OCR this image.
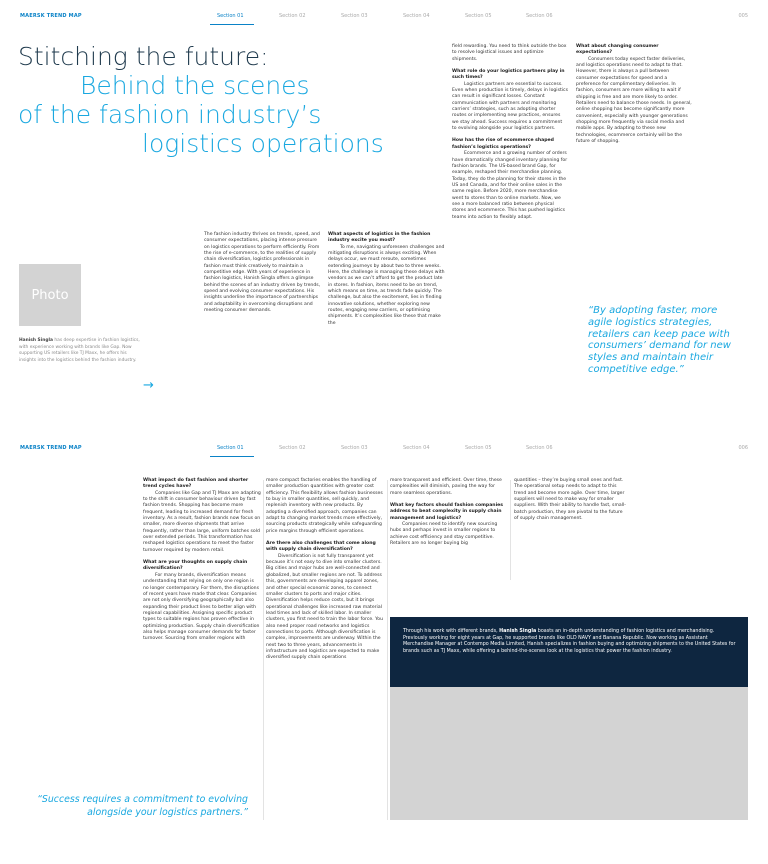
MAERSK TREND MAP	Section 01	Section 02	Section 03	Section 04	Section 05	Section 06	005
Stitching the future:
Behind the scenes
of the fashion industry’s
logistics operations
Photo
Hanish Singla has deep expertise in fashion logistics, with experience working with brands like Gap. Now supporting US retailers like TJ Maxx, he offers his insights into the logistics behind the fashion industry.
→

The fashion industry thrives on trends, speed, and consumer expectations, placing intense pressure on logistics operations to perform efficiently. From the rise of e-commerce, to the realities of supply chain diversification, logistics professionals in fashion must think creatively to maintain a competitive edge. With years of experience in fashion logistics, Hanish Singla offers a glimpse behind the scenes of an industry driven by trends, speed and evolving consumer expectations. His insights underline the importance of partnerships and adaptability in overcoming disruptions and meeting consumer demands.

What aspects of logistics in the fashion industry excite you most?

To me, navigating unforeseen challenges and mitigating disruptions is always exciting. When delays occur, we must reroute, sometimes extending journeys by about two to three weeks. Here, the challenge is managing these delays with vendors as we can’t afford to get the product late in stores. In fashion, items need to be on trend, which means on time, as trends fade quickly. The challenge, but also the excitement, lies in finding innovative solutions, whether exploring new routes, engaging new carriers, or optimising shipments. It’s complexities like these that make the

field rewarding. You need to think outside the box to resolve logistical issues and optimize shipments.

What role do your logistics partners play in such times?

Logistics partners are essential to success. Even when production is timely, delays in logistics can result in significant losses. Constant communication with partners and monitoring carriers’ strategies, such as adopting shorter routes or implementing new practices, ensures we stay ahead. Success requires a commitment to evolving alongside your logistics partners.

How has the rise of ecommerce shaped fashion’s logistics operations?

Ecommerce and a growing number of orders have dramatically changed inventory planning for fashion brands. The US-based brand Gap, for example, reshaped their merchandise planning. Today, they do the planning for their stores in the US and Canada, and for their online sales in the same region. Before 2020, more merchandise went to stores than to online markets. Now, we see a more balanced ratio between physical stores and ecommerce. This has pushed logistics teams into action to flexibly adapt.

What about changing consumer expectations?

Consumers today expect faster deliveries, and logistics operations need to adapt to that. However, there is always a pull between consumer expectations for speed and a preference for complimentary deliveries. In fashion, consumers are more willing to wait if shipping is free and are more likely to order. Retailers need to balance those needs. In general, online shopping has become significantly more convenient, especially with younger generations shopping more frequently via social media and mobile apps. By adapting to these new technologies, ecommerce certainly will be the future of shopping.

“By adopting faster, more agile logistics strategies, retailers can keep pace with consumers’ demand for new styles and maintain their competitive edge.”
MAERSK TREND MAP	Section 01	Section 02	Section 03	Section 04	Section 05	Section 06	006
What impact do fast fashion and shorter trend cycles have?

Companies like Gap and TJ Maxx are adapting to the shift in consumer behaviour driven by fast fashion trends. Shopping has become more frequent, leading to increased demand for fresh inventory. As a result, fashion brands now focus on smaller, more diverse shipments that arrive frequently, rather than large, uniform batches sold over extended periods. This transformation has reshaped logistics operations to meet the faster turnover required by modern retail.

What are your thoughts on supply chain diversification?

For many brands, diversification means understanding that relying on only one region is no longer contemporary. For them, the disruptions of recent years have made that clear. Companies are not only diversifying geographically but also expanding their product lines to better align with regional capabilities. Assigning specific product types to suitable regions has proven effective in optimizing production. Supply chain diversification also helps manage consumer demands for faster turnover. Sourcing from smaller regions with

more compact factories enables the handling of smaller production quantities with greater cost efficiency. This flexibility allows fashion businesses to buy in smaller quantities, sell quickly, and replenish inventory with new products. By adopting a diversified approach, companies can adapt to changing market trends more effectively, sourcing products strategically while safeguarding price margins through efficient operations.

Are there also challenges that come along with supply chain diversification?

Diversification is not fully transparent yet because it’s not easy to dive into smaller clusters. Big cities and major hubs are well-connected and globalized, but smaller regions are not. To address this, governments are developing apparel zones, and other special economic zones, to connect smaller clusters to ports and major cities. Diversification helps reduce costs, but it brings operational challenges like increased raw material lead times and lack of skilled labor. In smaller clusters, you first need to train the labor force. You also need proper road networks and logistics connections to ports. Although diversification is complex, improvements are underway. Within the next two to three years, advancements in infrastructure and logistics are expected to make diversified supply chain operations

more transparent and efficient. Over time, these complexities will diminish, paving the way for more seamless operations.

What key factors should fashion companies address to beat complexity in supply chain management and logistics?

Companies need to identify new sourcing hubs and perhaps invest in smaller regions to achieve cost efficiency and stay competitive. Retailers are no longer buying big

quantities – they’re buying small ones and fast. The operational setup needs to adapt to this trend and become more agile. Over time, larger suppliers will need to make way for smaller suppliers. With their ability to handle fast, small-batch production, they are pivotal to the future of supply chain management.

“Success requires a commitment to evolving alongside your logistics partners.”
Through his work with different brands, Hanish Singla boasts an in-depth understanding of fashion logistics and merchandising. Previously working for eight years at Gap, he supported brands like OLD NAVY and Banana Republic. Now working as Assistant Merchandise Manager at Contempo Media Limited, Hanish specializes in fashion buying and optimizing shipments to the United States for brands such as TJ Maxx, while offering a behind-the-scenes look at the logistics that power the fashion industry.
